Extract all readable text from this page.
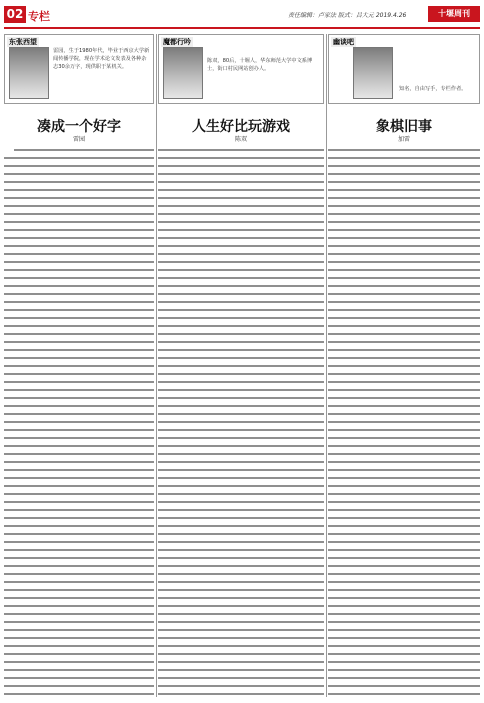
02 专栏	责任编辑：卢家法 版式：吕大元 2019.4.26	十堰周刊
东张西望
雷园，生于1980年代，毕业于西京大学新闻传播学院，现在学术论文发表及各种杂志30余万字，现供职于某机关。
凑成一个好字
雷园
魔都行吟
陈双，80后，十堰人，华东师范大学中文系博士，街口村民网站创办人。
人生好比玩游戏
陈双
幽谈吧
知名，自由写手，专栏作者。
象棋旧事
加雷
